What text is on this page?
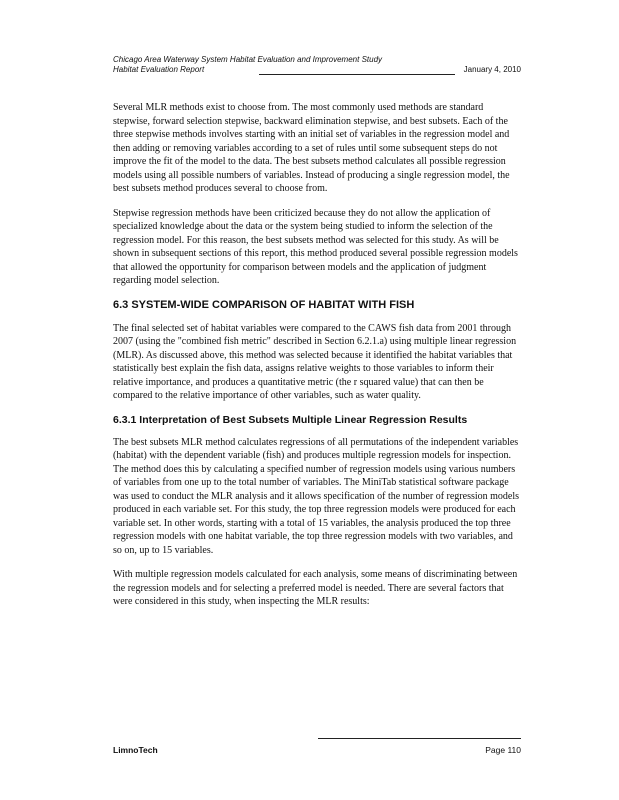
Chicago Area Waterway System Habitat Evaluation and Improvement Study
Habitat Evaluation Report	January 4, 2010

Several MLR methods exist to choose from. The most commonly used methods are standard stepwise, forward selection stepwise, backward elimination stepwise, and best subsets. Each of the three stepwise methods involves starting with an initial set of variables in the regression model and then adding or removing variables according to a set of rules until some subsequent steps do not improve the fit of the model to the data. The best subsets method calculates all possible regression models using all possible numbers of variables. Instead of producing a single regression model, the best subsets method produces several to choose from.

Stepwise regression methods have been criticized because they do not allow the application of specialized knowledge about the data or the system being studied to inform the selection of the regression model. For this reason, the best subsets method was selected for this study. As will be shown in subsequent sections of this report, this method produced several possible regression models that allowed the opportunity for comparison between models and the application of judgment regarding model selection.

6.3 SYSTEM-WIDE COMPARISON OF HABITAT WITH FISH

The final selected set of habitat variables were compared to the CAWS fish data from 2001 through 2007 (using the "combined fish metric" described in Section 6.2.1.a) using multiple linear regression (MLR). As discussed above, this method was selected because it identified the habitat variables that statistically best explain the fish data, assigns relative weights to those variables to inform their relative importance, and produces a quantitative metric (the r squared value) that can then be compared to the relative importance of other variables, such as water quality.

6.3.1 Interpretation of Best Subsets Multiple Linear Regression Results

The best subsets MLR method calculates regressions of all permutations of the independent variables (habitat) with the dependent variable (fish) and produces multiple regression models for inspection. The method does this by calculating a specified number of regression models using various numbers of variables from one up to the total number of variables. The MiniTab statistical software package was used to conduct the MLR analysis and it allows specification of the number of regression models produced in each variable set. For this study, the top three regression models were produced for each variable set. In other words, starting with a total of 15 variables, the analysis produced the top three regression models with one habitat variable, the top three regression models with two variables, and so on, up to 15 variables.

With multiple regression models calculated for each analysis, some means of discriminating between the regression models and for selecting a preferred model is needed. There are several factors that were considered in this study, when inspecting the MLR results:

LimnoTech	Page 110
